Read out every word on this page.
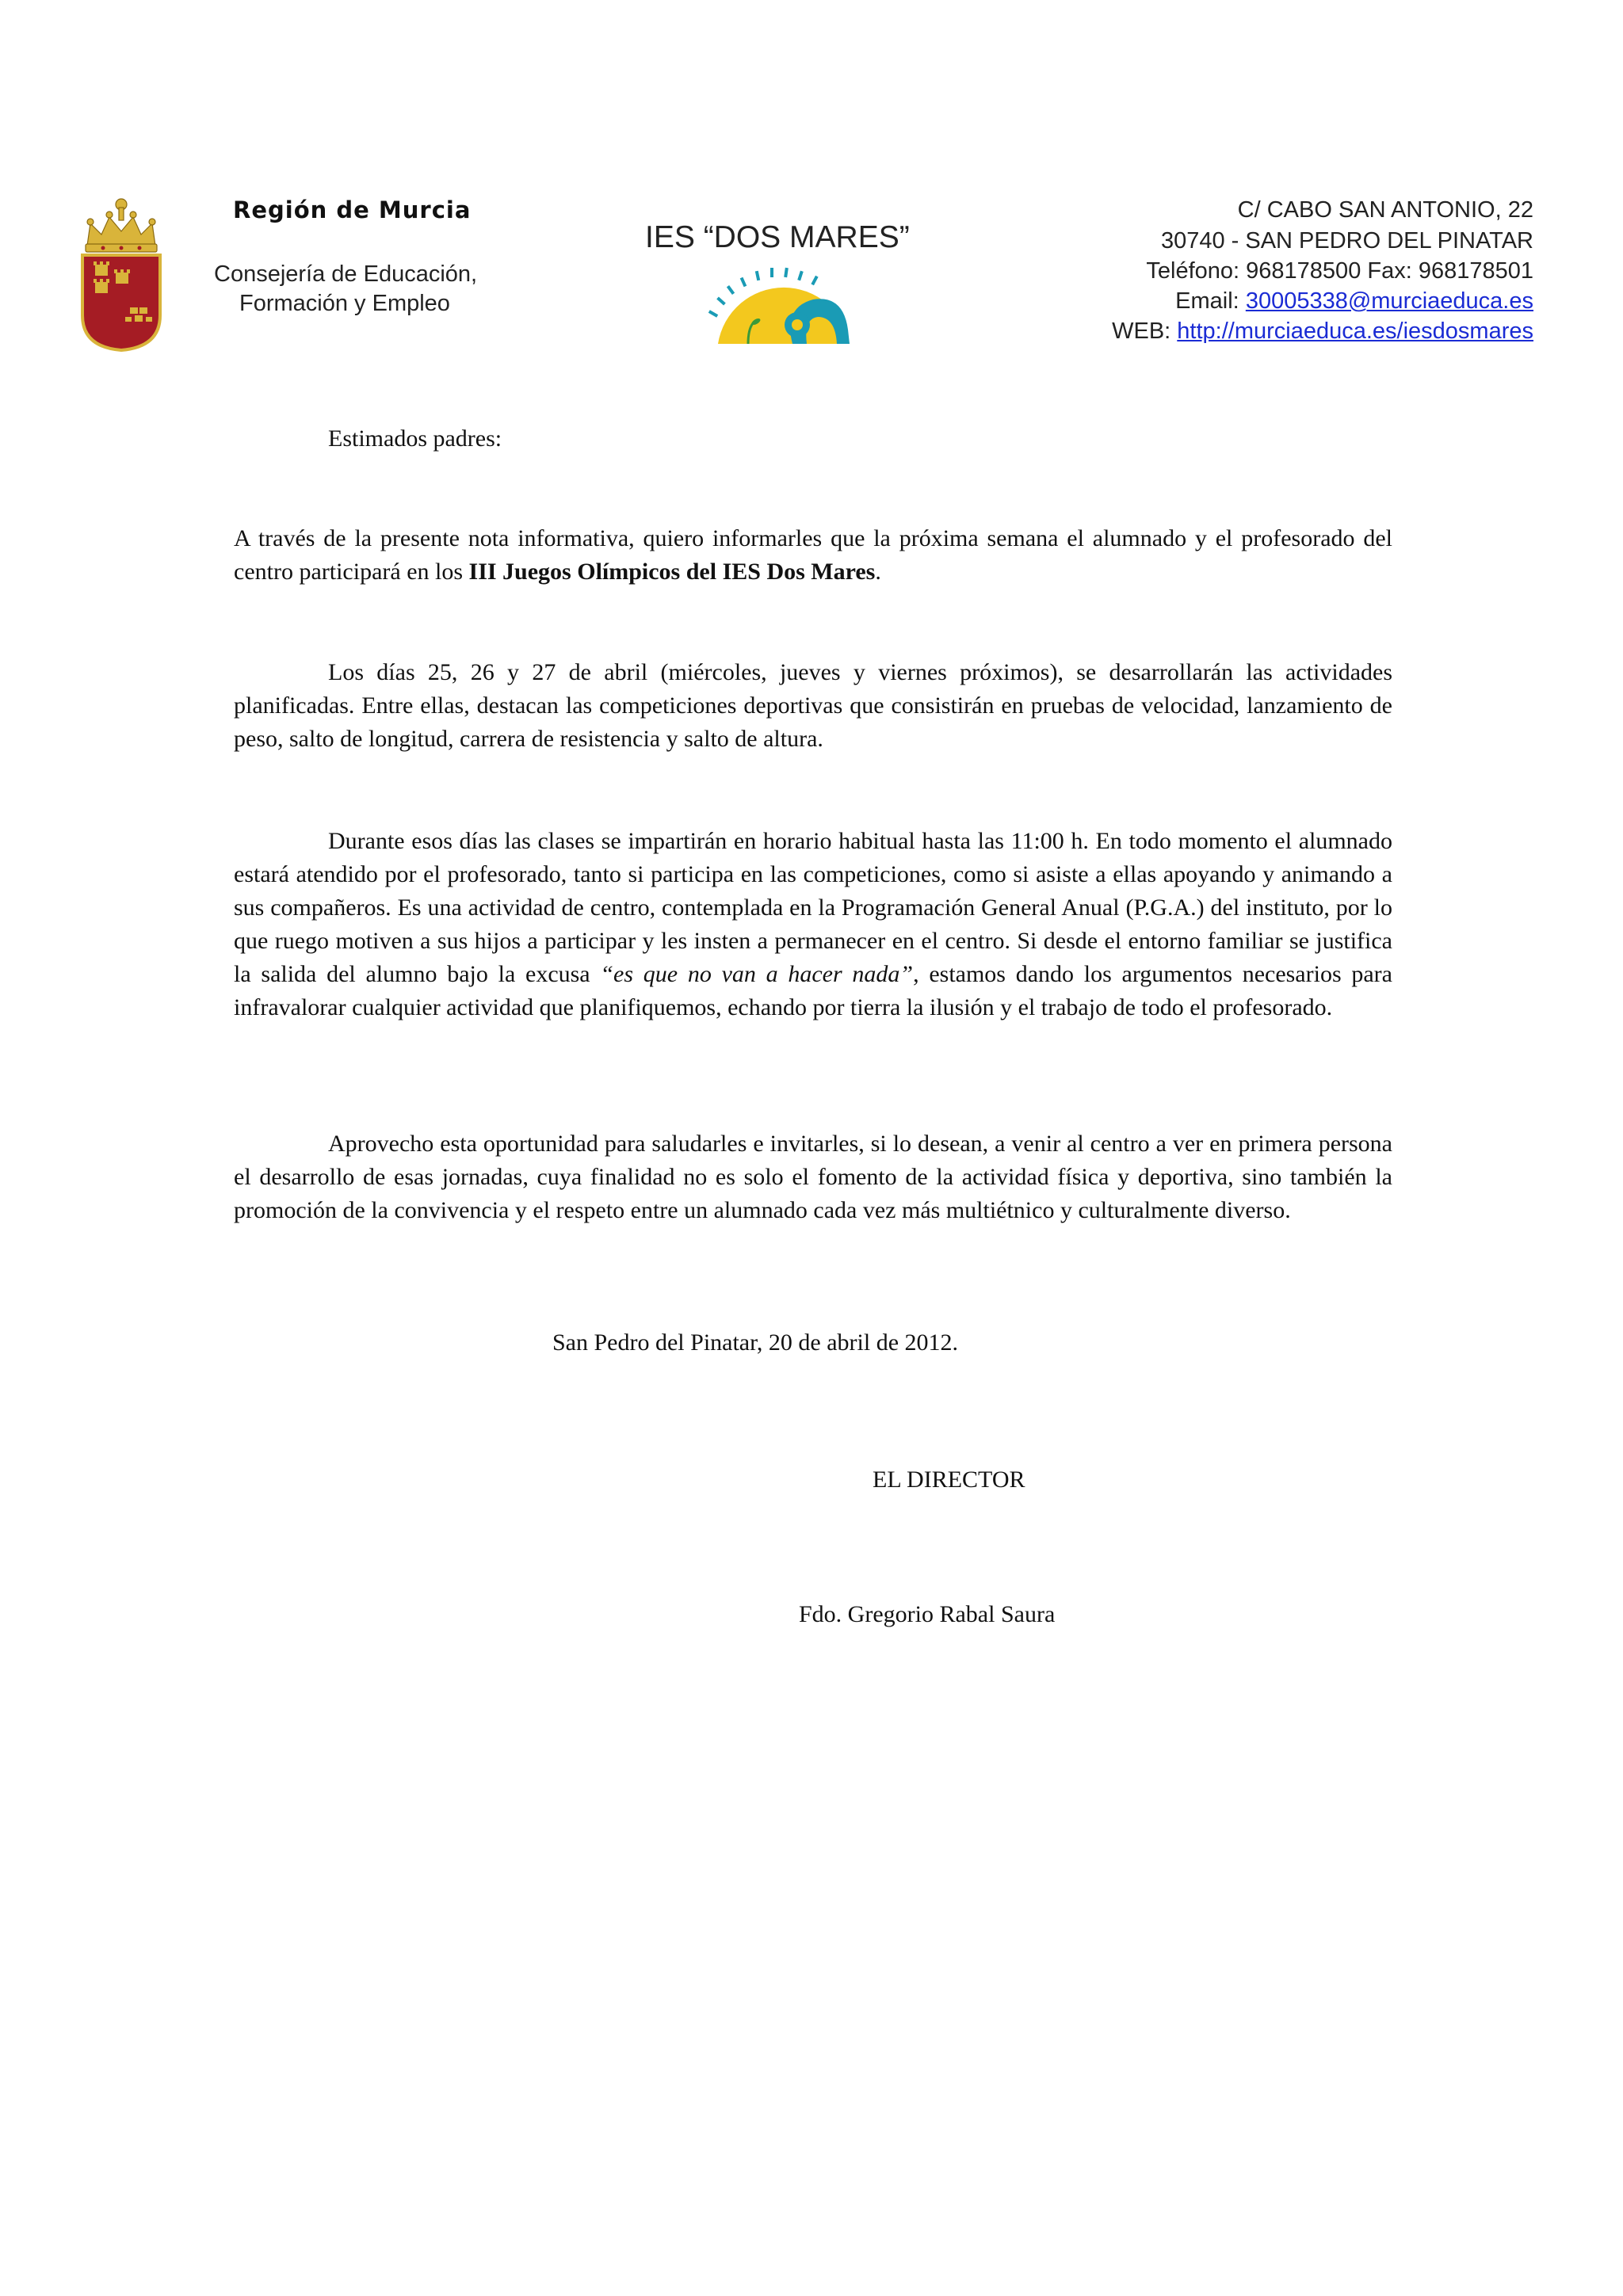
Región de Murcia
Consejería de Educación,
Formación y Empleo
IES “DOS MARES”
C/ CABO SAN ANTONIO, 22
30740 - SAN PEDRO DEL PINATAR
Teléfono: 968178500 Fax: 968178501
Email: 30005338@murciaeduca.es
WEB: http://murciaeduca.es/iesdosmares
Estimados padres:
A través de la presente nota informativa, quiero informarles que la próxima semana el alumnado y el profesorado del centro participará en los III Juegos Olímpicos del IES Dos Mares.
Los días 25, 26 y 27 de abril (miércoles, jueves y viernes próximos), se desarrollarán las actividades planificadas. Entre ellas, destacan las competiciones deportivas que consistirán en pruebas de velocidad, lanzamiento de peso, salto de longitud, carrera de resistencia y salto de altura.
Durante esos días las clases se impartirán en horario habitual hasta las 11:00 h. En todo momento el alumnado estará atendido por el profesorado, tanto si participa en las competiciones, como si asiste a ellas apoyando y animando a sus compañeros. Es una actividad de centro, contemplada en la Programación General Anual (P.G.A.) del instituto, por lo que ruego motiven a sus hijos a participar y les insten a permanecer en el centro. Si desde el entorno familiar se justifica la salida del alumno bajo la excusa “es que no van a hacer nada”, estamos dando los argumentos necesarios para infravalorar cualquier actividad que planifiquemos, echando por tierra la ilusión y el trabajo de todo el profesorado.
Aprovecho esta oportunidad para saludarles e invitarles, si lo desean, a venir al centro a ver en primera persona el desarrollo de esas jornadas, cuya finalidad no es solo el fomento de la actividad física y deportiva, sino también la promoción de la convivencia y el respeto entre un alumnado cada vez más multiétnico y culturalmente diverso.
San Pedro del Pinatar, 20 de abril de 2012.
EL DIRECTOR
Fdo. Gregorio Rabal Saura
